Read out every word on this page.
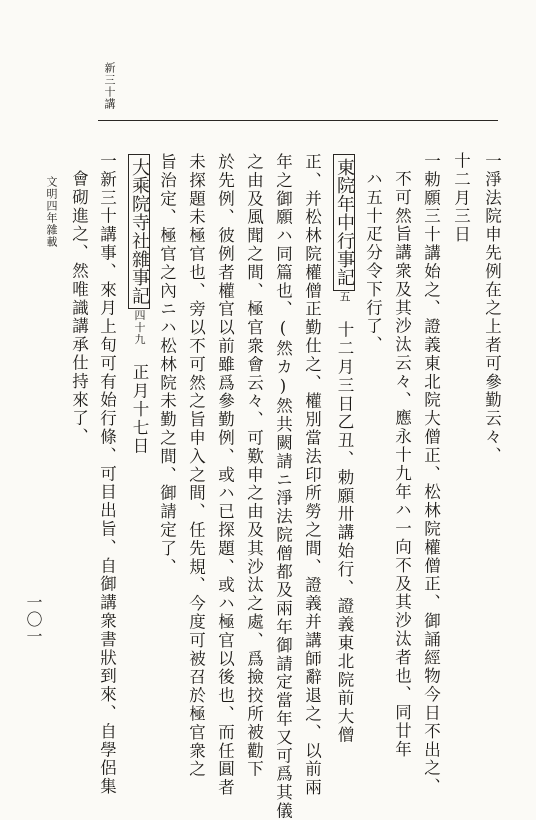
新三十講
文明四年雜載
一〇一
一淨法院申先例在之上者可參勤云々、
十二月三日
一勅願三十講始之、證義東北院大僧正、松林院權僧正、御誦經物今日不出之、
不可然旨講衆及其沙汰云々、應永十九年ハ一向不及其沙汰者也、同廿年
ハ五十疋分令下行了、
東院年中行事記五　十二月三日乙丑、勅願卅講始行、證義東北院前大僧
正、并松林院權僧正勤仕之、權別當法印所勞之間、證義并講師辭退之、以前兩
年之御願ハ同篇也、(然カ)然共闕請ニ淨法院僧都及兩年御請定當年又可爲其儀
之由及風聞之間、極官衆會云々、可歎申之由及其沙汰之處、爲撿挍所被勸下
於先例、彼例者權官以前雖爲參勤例、或ハ已探題、或ハ極官以後也、而任圓者
未探題未極官也、旁以不可然之旨申入之間、任先規、今度可被召於極官衆之
旨治定、極官之內ニハ松林院未勤之間、御請定了、
大乘院寺社雜事記四十九　正月十七日
一新三十講事、來月上旬可有始行條、可目出旨、自御講衆書狀到來、自學侶集
會砌進之、然唯識講承仕持來了、
